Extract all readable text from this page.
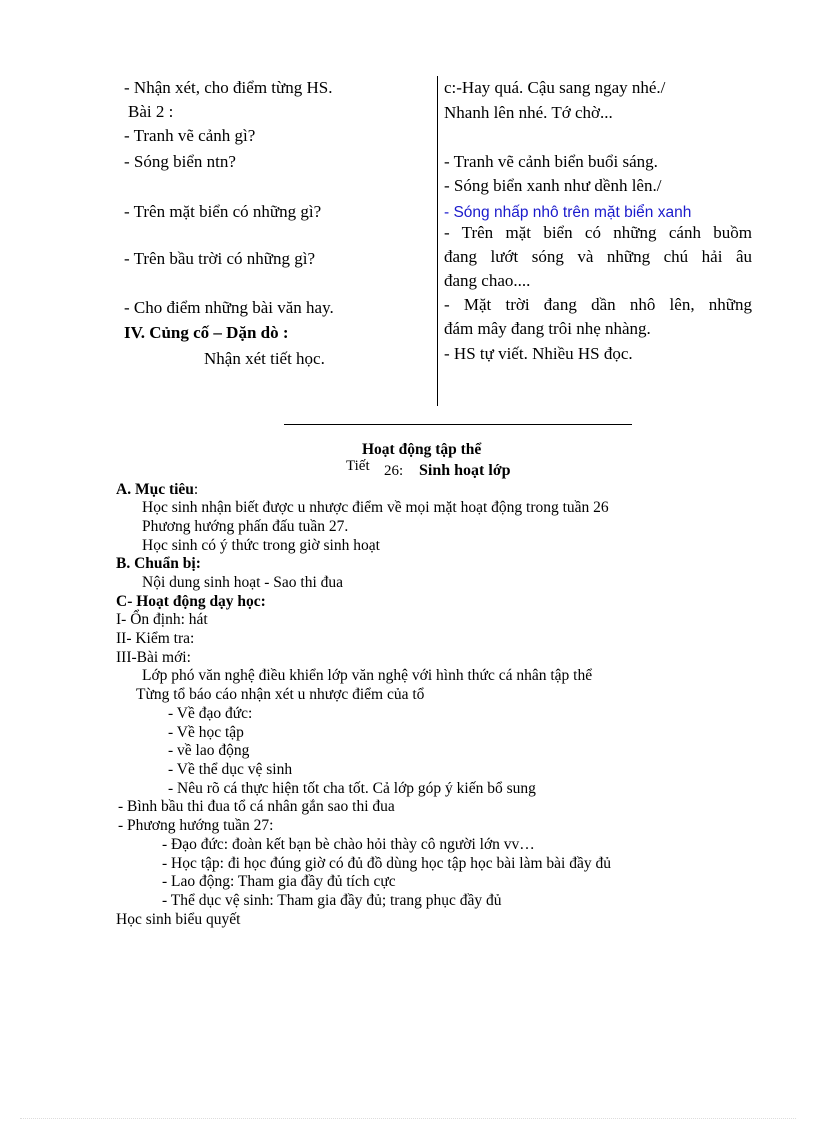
- Nhận xét, cho điểm từng HS.
Bài 2 :
- Tranh vẽ cảnh gì?
- Sóng biển ntn?
- Trên mặt biển có những gì?
- Trên bầu trời có những gì?
- Cho điểm những bài văn hay.
IV. Củng cố – Dặn dò :
Nhận xét tiết học.
c:-Hay quá. Cậu sang ngay nhé./
Nhanh lên nhé. Tớ chờ...
- Tranh vẽ cảnh biển buổi sáng.
- Sóng biển xanh như dềnh lên./
- Sóng nhấp nhô trên mặt biển xanh
- Trên mặt biển có những cánh buồm
đang lướt sóng và những chú hải âu
đang chao....
- Mặt trời đang dần nhô lên, những
đám mây đang trôi nhẹ nhàng.
- HS tự viết. Nhiều HS đọc.
Hoạt động tập thể
Tiết 26: Sinh hoạt lớp
A. Mục tiêu:
Học sinh nhận biết được u nhược điểm về mọi mặt hoạt động trong tuần 26
Phương hướng phấn đấu tuần 27.
Học sinh có ý thức trong giờ sinh hoạt
B. Chuẩn bị:
Nội dung sinh hoạt - Sao thi đua
C- Hoạt động dạy học:
I- Ổn định: hát
II- Kiểm tra:
III-Bài mới:
Lớp phó văn nghệ điều khiển lớp văn nghệ với hình thức cá nhân tập thể
Từng tổ báo cáo nhận xét u nhược điểm của tổ
- Về đạo đức:
- Về học tập
- về lao động
- Về thể dục vệ sinh
- Nêu rõ cá thực hiện tốt cha tốt. Cả lớp góp ý kiến bổ sung
- Bình bầu thi đua tổ cá nhân gắn sao thi đua
- Phương hướng tuần 27:
- Đạo đức: đoàn kết bạn bè chào hỏi thày cô người lớn vv…
- Học tập: đi học đúng giờ có đủ đồ dùng học tập học bài làm bài đầy đủ
- Lao động: Tham gia đầy đủ tích cực
- Thể dục vệ sinh: Tham gia đầy đủ; trang phục đầy đủ
Học sinh biểu quyết
